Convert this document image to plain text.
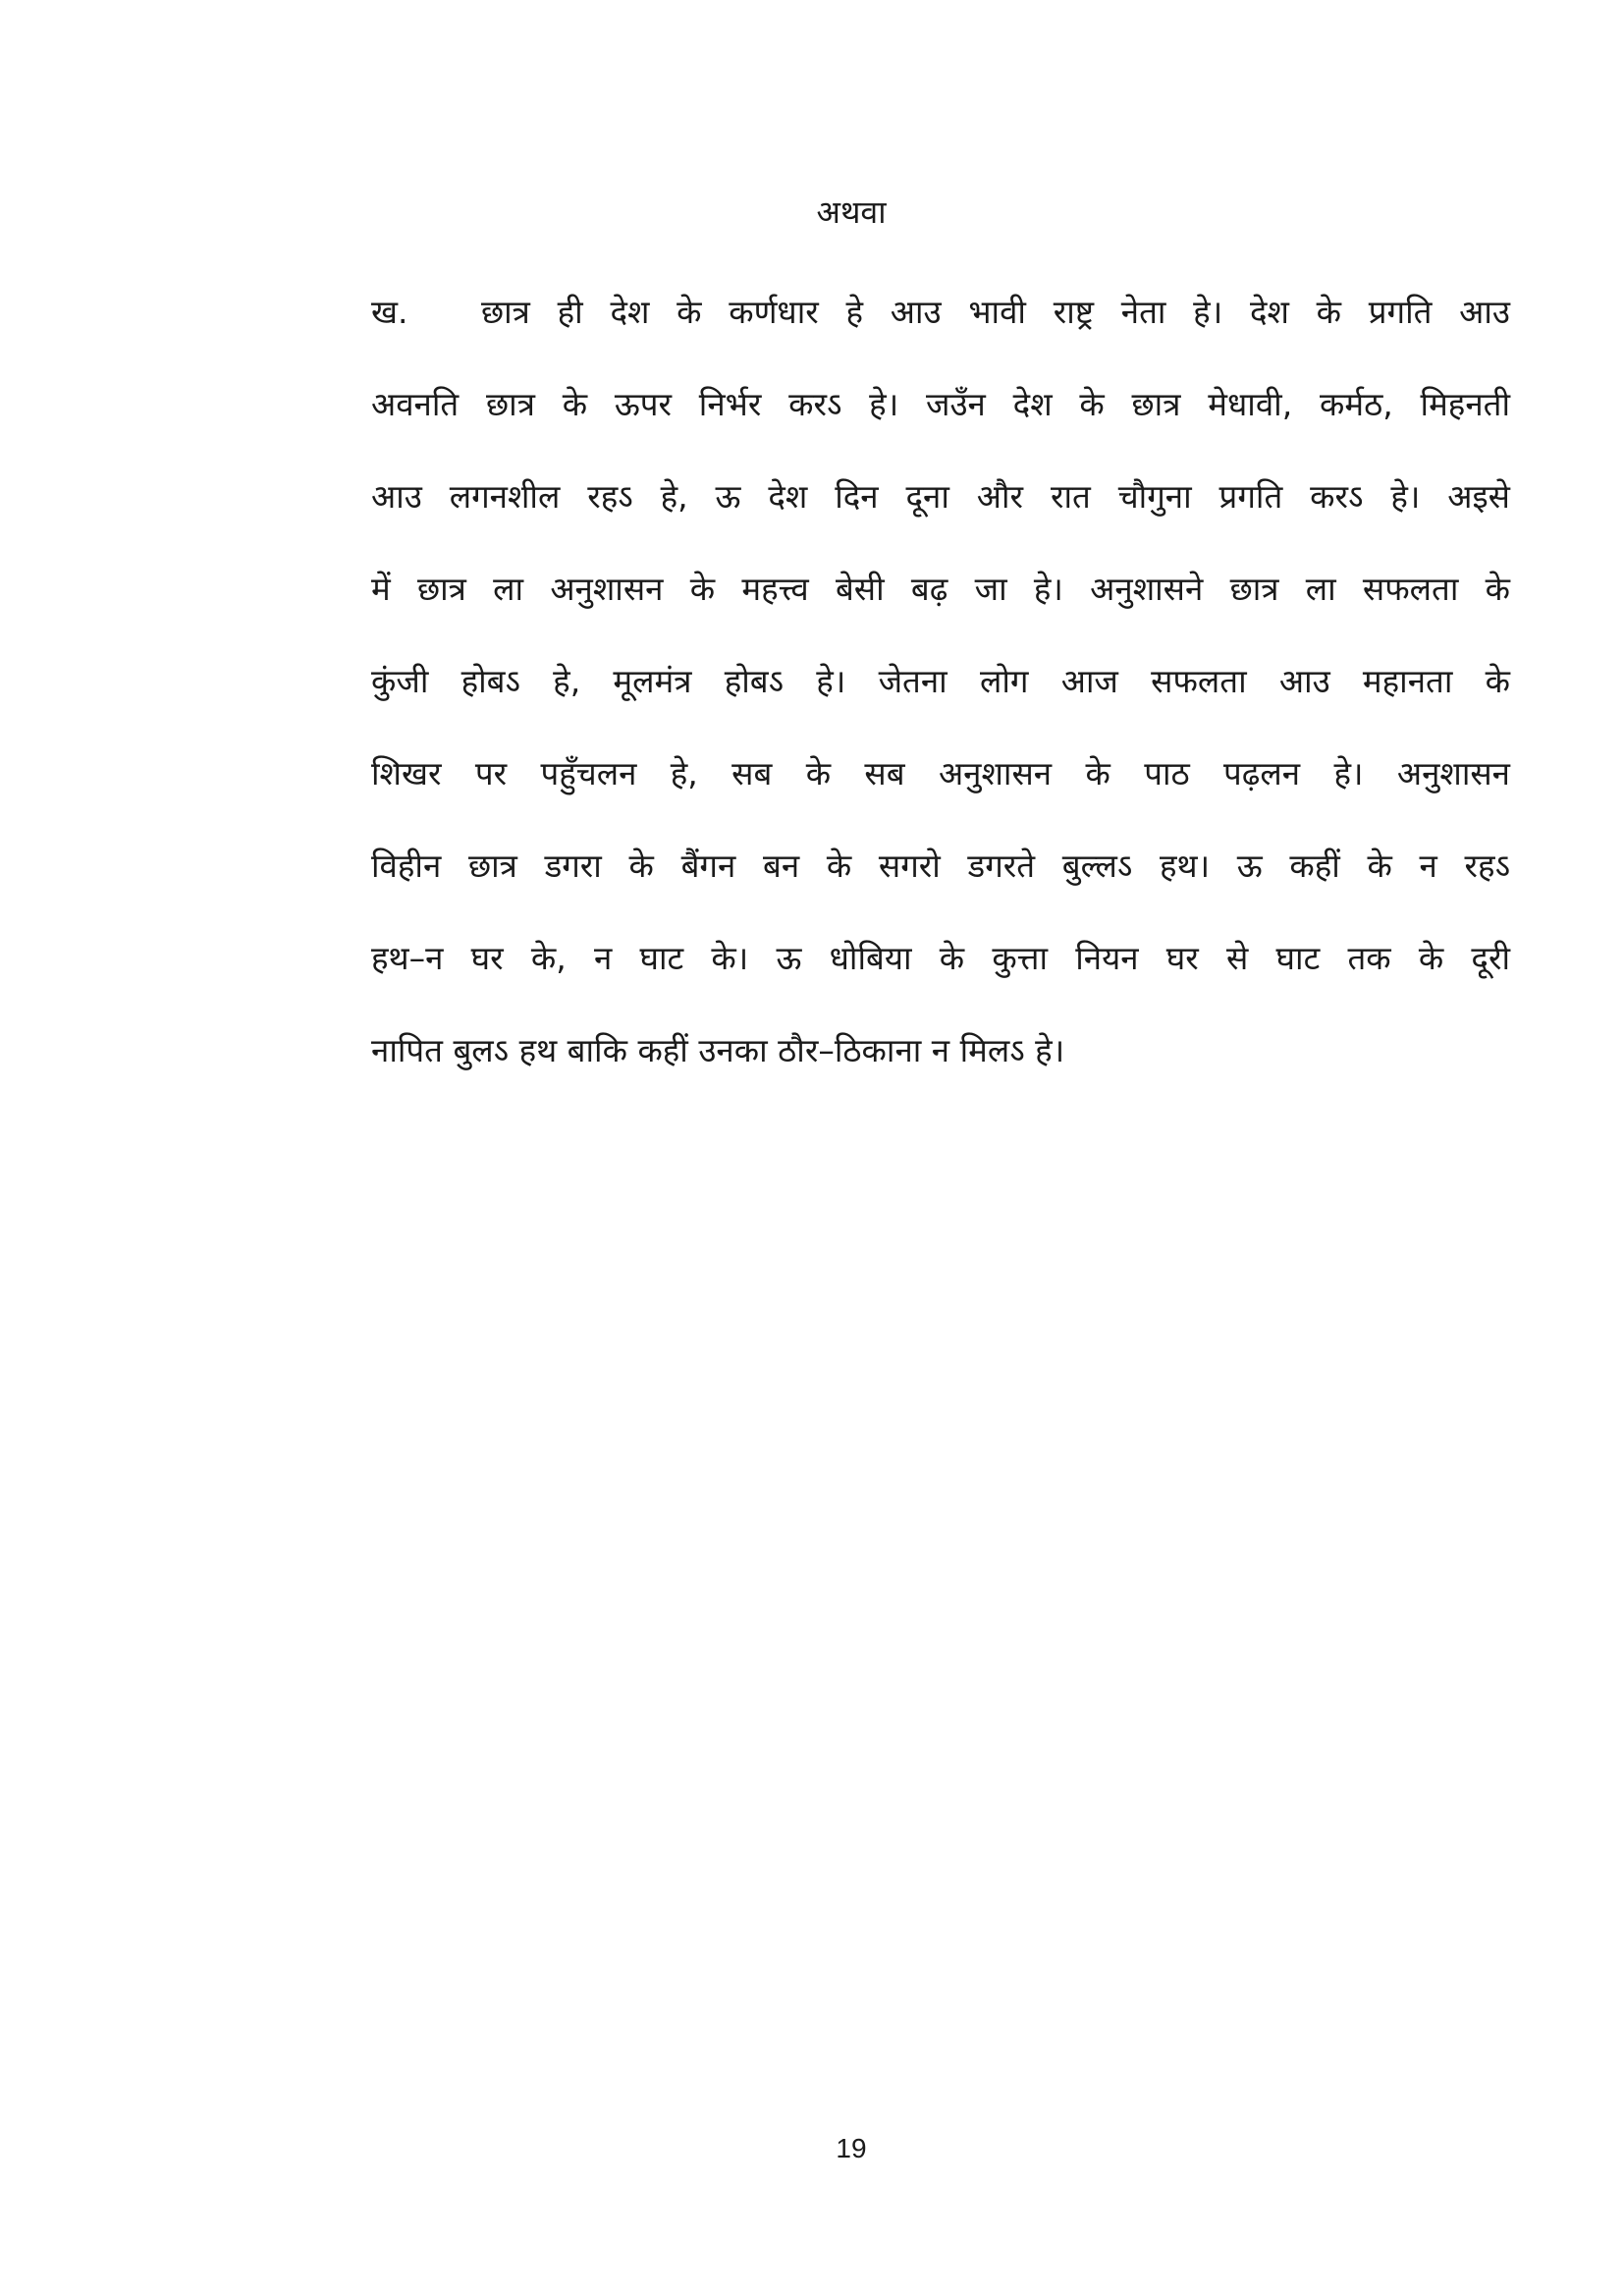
अथवा
ख. छात्र ही देश के कर्णधार हे आउ भावी राष्ट्र नेता हे। देश के प्रगति आउ
अवनति छात्र के ऊपर निर्भर करऽ हे। जउँन देश के छात्र मेधावी, कर्मठ, मिहनती
आउ लगनशील रहऽ हे, ऊ देश दिन दूना और रात चौगुना प्रगति करऽ हे। अइसे
में छात्र ला अनुशासन के महत्त्व बेसी बढ़ जा हे। अनुशासने छात्र ला सफलता के
कुंजी होबऽ हे, मूलमंत्र होबऽ हे। जेतना लोग आज सफलता आउ महानता के
शिखर पर पहुँचलन हे, सब के सब अनुशासन के पाठ पढ़लन हे। अनुशासन
विहीन छात्र डगरा के बैंगन बन के सगरो डगरते बुल्लऽ हथ। ऊ कहीं के न रहऽ
हथ–न घर के, न घाट के। ऊ धोबिया के कुत्ता नियन घर से घाट तक के दूरी
नापित बुलऽ हथ बाकि कहीं उनका ठौर–ठिकाना न मिलऽ हे।
19
